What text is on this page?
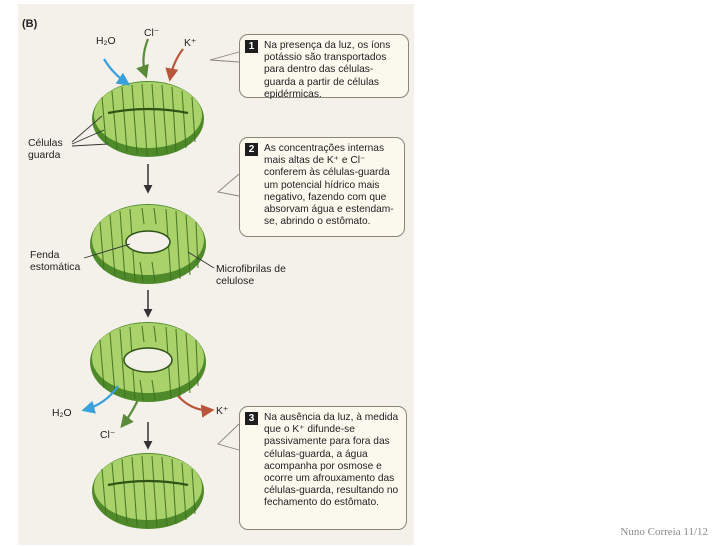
(B)
H₂O
Cl⁻
K⁺
H₂O
Cl⁻
K⁺
Células
guarda
Fenda
estomática	Microfibrilas de
celulose
1 Na presença da luz, os íons potássio são transportados para dentro das células-guarda a partir de células epidérmicas.
2 As concentrações internas mais altas de K⁺ e Cl⁻ conferem às células-guarda um potencial hídrico mais negativo, fazendo com que absorvam água e estendam-se, abrindo o estômato.
3 Na ausência da luz, à medida que o K⁺ difunde-se passivamente para fora das células-guarda, a água acompanha por osmose e ocorre um afrouxamento das células-guarda, resultando no fechamento do estômato.
Nuno Correia 11/12
